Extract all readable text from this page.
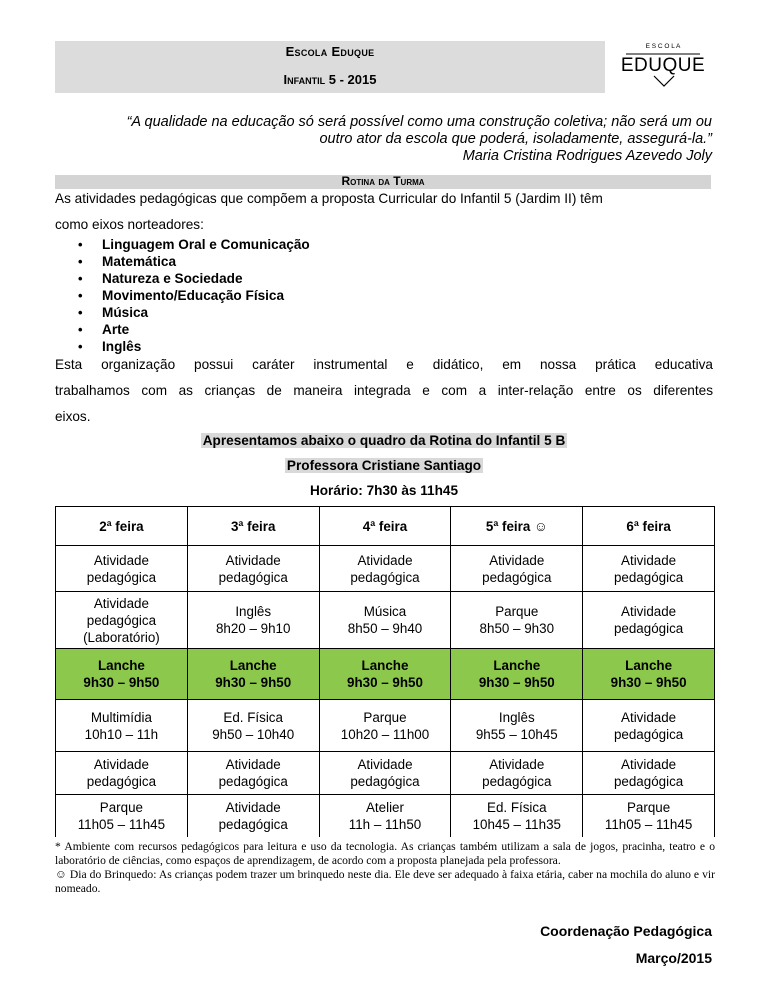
Escola Eduque
Infantil 5 - 2015
E S C O L A
EDUQUE
“A qualidade na educação só será possível como uma construção coletiva; não será um ou
outro ator da escola que poderá, isoladamente, assegurá-la.”
Maria Cristina Rodrigues Azevedo Joly
Rotina da Turma
As atividades pedagógicas que compõem a proposta Curricular do Infantil 5 (Jardim II) têm
como eixos norteadores:
• Linguagem Oral e Comunicação
• Matemática
• Natureza e Sociedade
• Movimento/Educação Física
• Música
• Arte
• Inglês
Esta organização possui caráter instrumental e didático, em nossa prática educativa
trabalhamos com as crianças de maneira integrada e com a inter-relação entre os diferentes
eixos.
Apresentamos abaixo o quadro da Rotina do Infantil 5 B
Professora Cristiane Santiago
Horário: 7h30 às 11h45
2ª feira	3ª feira	4ª feira	5ª feira ☺	6ª feira
Atividade
pedagógica	Atividade
pedagógica	Atividade
pedagógica	Atividade
pedagógica	Atividade
pedagógica
Atividade
pedagógica
(Laboratório)	Inglês
8h20 – 9h10	Música
8h50 – 9h40	Parque
8h50 – 9h30	Atividade
pedagógica
Lanche
9h30 – 9h50	Lanche
9h30 – 9h50	Lanche
9h30 – 9h50	Lanche
9h30 – 9h50	Lanche
9h30 – 9h50
Multimídia
10h10 – 11h	Ed. Física
9h50 – 10h40	Parque
10h20 – 11h00	Inglês
9h55 – 10h45	Atividade
pedagógica
Atividade
pedagógica	Atividade
pedagógica	Atividade
pedagógica	Atividade
pedagógica	Atividade
pedagógica
Parque
11h05 – 11h45	Atividade
pedagógica	Atelier
11h – 11h50	Ed. Física
10h45 – 11h35	Parque
11h05 – 11h45
* Ambiente com recursos pedagógicos para leitura e uso da tecnologia. As crianças também utilizam a sala de jogos, pracinha, teatro e o laboratório de ciências, como espaços de aprendizagem, de acordo com a proposta planejada pela professora.
☺ Dia do Brinquedo: As crianças podem trazer um brinquedo neste dia. Ele deve ser adequado à faixa etária, caber na mochila do aluno e vir nomeado.
Coordenação Pedagógica
Março/2015
